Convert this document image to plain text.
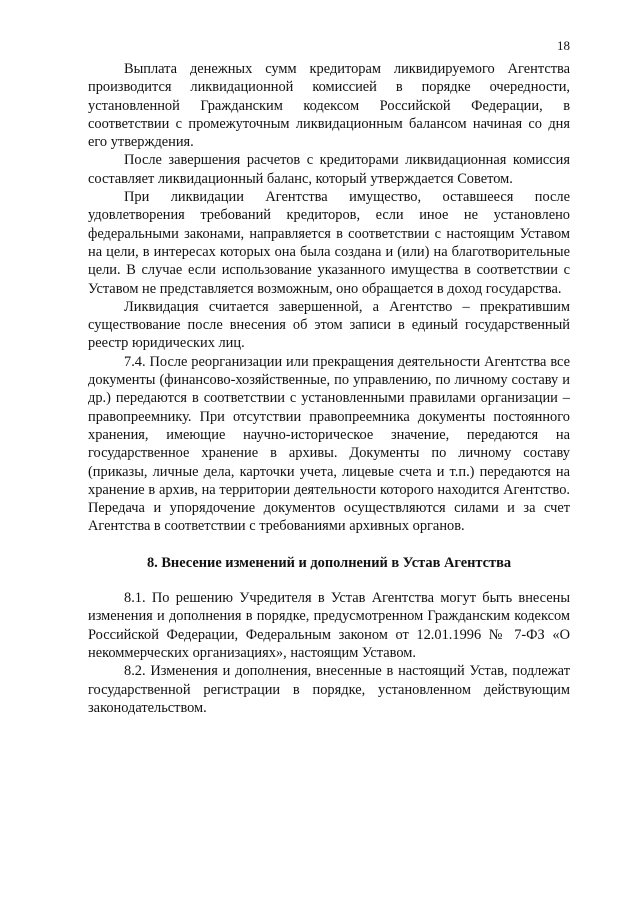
18

Выплата денежных сумм кредиторам ликвидируемого Агентства производится ликвидационной комиссией в порядке очередности, установленной Гражданским кодексом Российской Федерации, в соответствии с промежуточным ликвидационным балансом начиная со дня его утверждения.

После завершения расчетов с кредиторами ликвидационная комиссия составляет ликвидационный баланс, который утверждается Советом.

При ликвидации Агентства имущество, оставшееся после удовлетворения требований кредиторов, если иное не установлено федеральными законами, направляется в соответствии с настоящим Уставом на цели, в интересах которых она была создана и (или) на благотворительные цели. В случае если использование указанного имущества в соответствии с Уставом не представляется возможным, оно обращается в доход государства.

Ликвидация считается завершенной, а Агентство – прекратившим существование после внесения об этом записи в единый государственный реестр юридических лиц.

7.4. После реорганизации или прекращения деятельности Агентства все документы (финансово-хозяйственные, по управлению, по личному составу и др.) передаются в соответствии с установленными правилами организации – правопреемнику. При отсутствии правопреемника документы постоянного хранения, имеющие научно-историческое значение, передаются на государственное хранение в архивы. Документы по личному составу (приказы, личные дела, карточки учета, лицевые счета и т.п.) передаются на хранение в архив, на территории деятельности которого находится Агентство. Передача и упорядочение документов осуществляются силами и за счет Агентства в соответствии с требованиями архивных органов.

8. Внесение изменений и дополнений в Устав Агентства

8.1. По решению Учредителя в Устав Агентства могут быть внесены изменения и дополнения в порядке, предусмотренном Гражданским кодексом Российской Федерации, Федеральным законом от 12.01.1996 № 7-ФЗ «О некоммерческих организациях», настоящим Уставом.

8.2. Изменения и дополнения, внесенные в настоящий Устав, подлежат государственной регистрации в порядке, установленном действующим законодательством.
